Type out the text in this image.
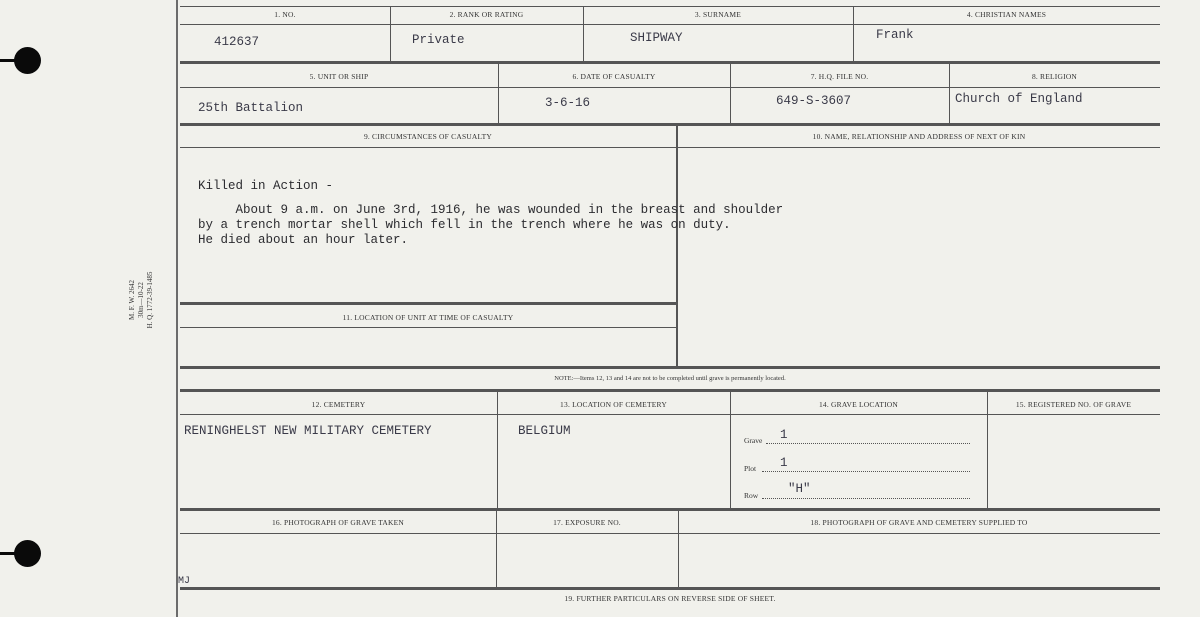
M. F. W. 2642 30m—10-22 H. Q. 1772-39-1485
1. NO.	2. RANK OR RATING	3. SURNAME	4. CHRISTIAN NAMES
412637	Private	SHIPWAY	Frank
5. UNIT OR SHIP	6. DATE OF CASUALTY	7. H.Q. FILE NO.	8. RELIGION
25th Battalion	3-6-16	649-S-3607	Church of England
9. CIRCUMSTANCES OF CASUALTY	10. NAME, RELATIONSHIP AND ADDRESS OF NEXT OF KIN

Killed in Action -
About 9 a.m. on June 3rd, 1916, he was wounded in the breast and shoulder
by a trench mortar shell which fell in the trench where he was on duty.
He died about an hour later.

11. LOCATION OF UNIT AT TIME OF CASUALTY
NOTE:—Items 12, 13 and 14 are not to be completed until grave is permanently located.
12. CEMETERY	13. LOCATION OF CEMETERY	14. GRAVE LOCATION	15. REGISTERED NO. OF GRAVE
RENINGHELST NEW MILITARY CEMETERY	BELGIUM
Grave 1
Plot 1
Row "H"
16. PHOTOGRAPH OF GRAVE TAKEN	17. EXPOSURE NO.	18. PHOTOGRAPH OF GRAVE AND CEMETERY SUPPLIED TO
MJ
19. FURTHER PARTICULARS ON REVERSE SIDE OF SHEET.
